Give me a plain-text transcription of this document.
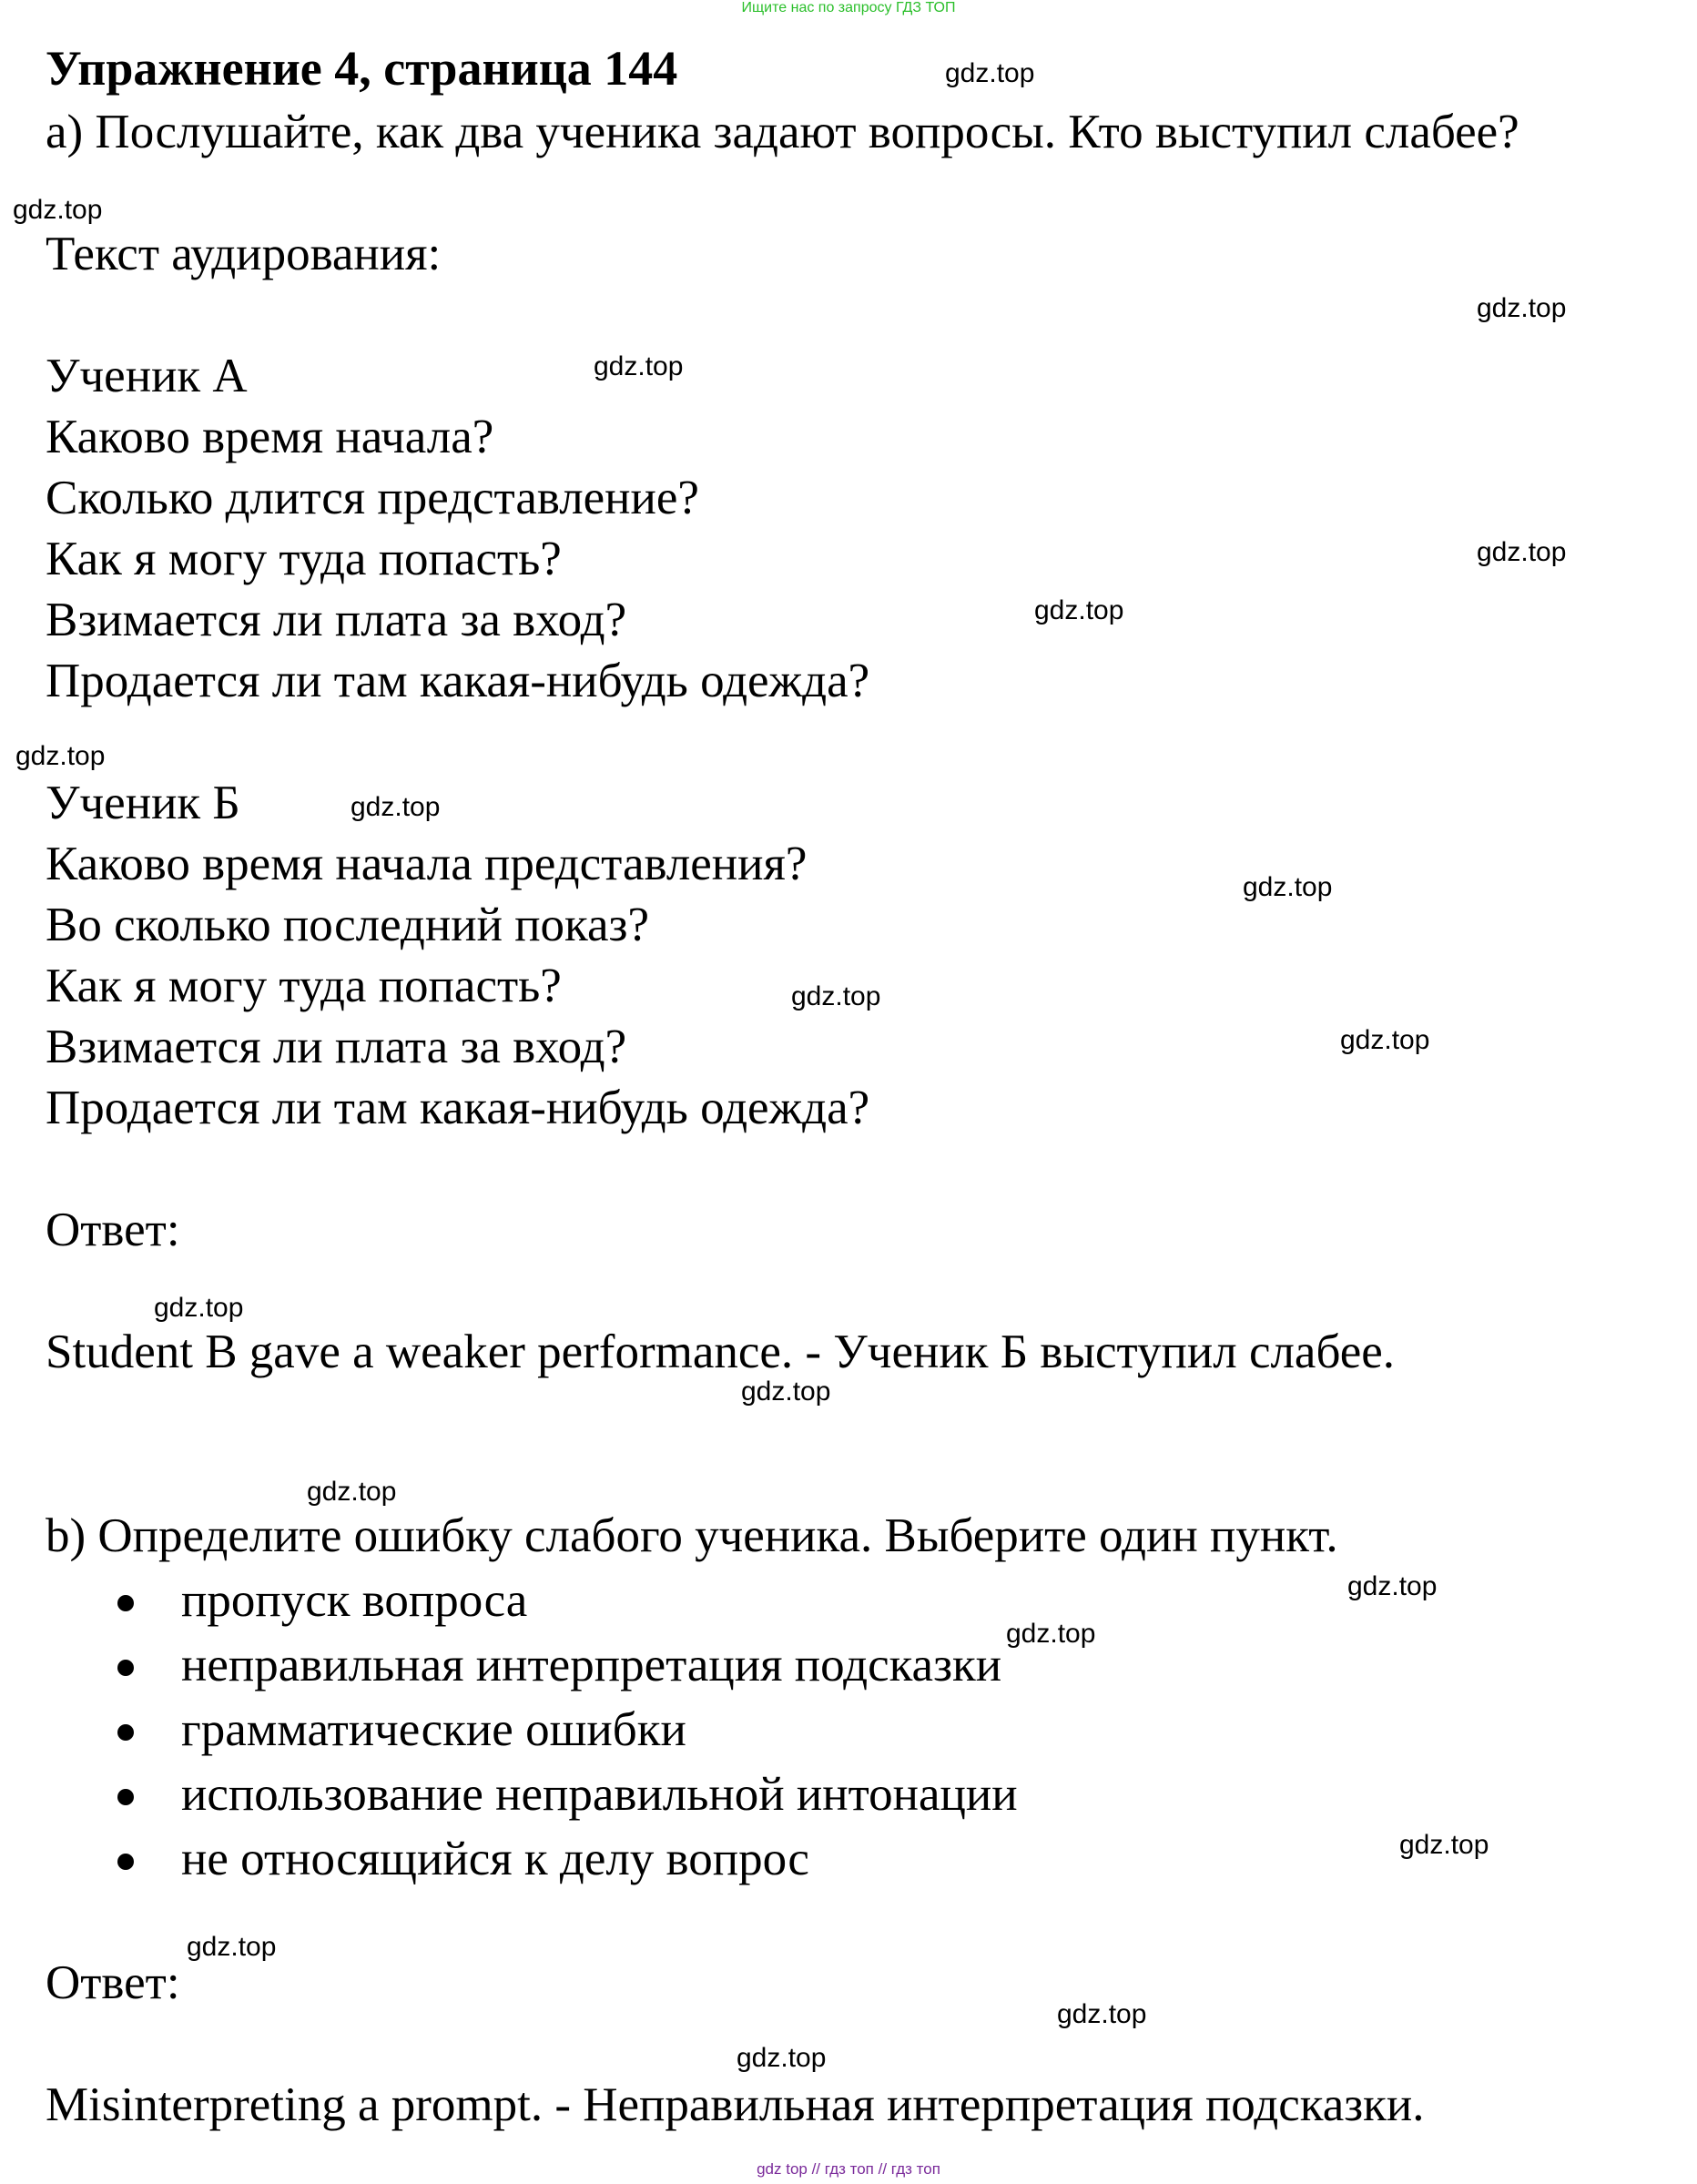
Ищите нас по запросу ГДЗ ТОП
Упражнение 4, страница 144
a) Послушайте, как два ученика задают вопросы. Кто выступил слабее?
Текст аудирования:
Ученик А
Каково время начала?
Сколько длится представление?
Как я могу туда попасть?
Взимается ли плата за вход?
Продается ли там какая-нибудь одежда?
Ученик Б
Каково время начала представления?
Во сколько последний показ?
Как я могу туда попасть?
Взимается ли плата за вход?
Продается ли там какая-нибудь одежда?
Ответ:
Student B gave a weaker performance. - Ученик Б выступил слабее.
b) Определите ошибку слабого ученика. Выберите один пункт.
пропуск вопроса
неправильная интерпретация подсказки
грамматические ошибки
использование неправильной интонации
не относящийся к делу вопрос
Ответ:
Misinterpreting a prompt. - Неправильная интерпретация подсказки.
gdz.top
gdz.top
gdz.top
gdz.top
gdz.top
gdz.top
gdz.top
gdz.top
gdz.top
gdz.top
gdz.top
gdz.top
gdz.top
gdz.top
gdz.top
gdz.top
gdz.top
gdz.top
gdz.top
gdz.top
gdz top // гдз топ // гдз топ
